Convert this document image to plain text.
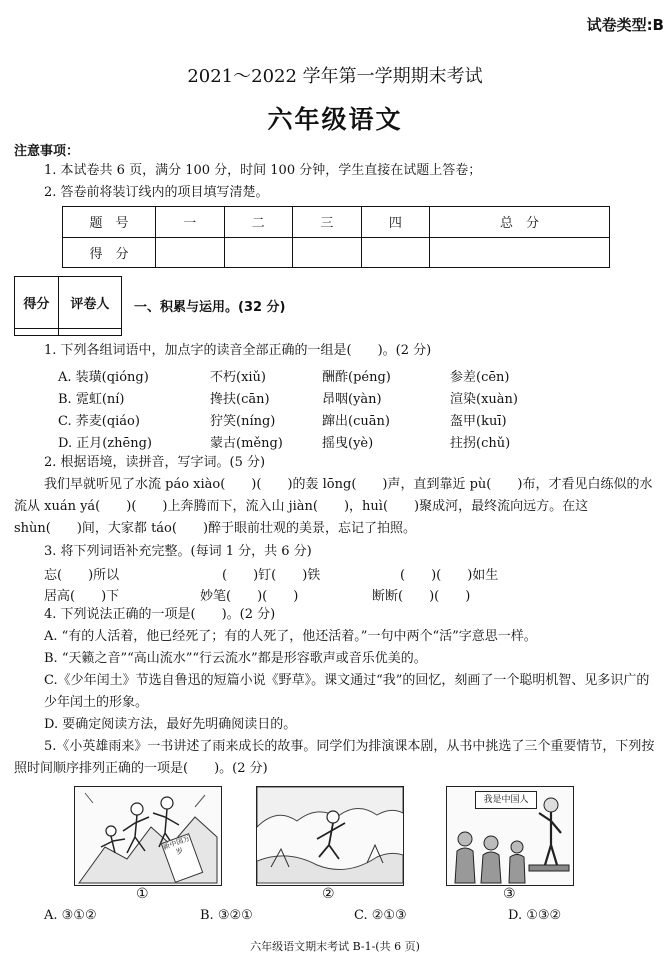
试卷类型:B
2021～2022 学年第一学期期末考试
六年级语文
注意事项：
1. 本试卷共 6 页，满分 100 分，时间 100 分钟，学生直接在试题上答卷；
2. 答卷前将装订线内的项目填写清楚。
题　号	一	二	三	四	总　分
得　分					
得分	评卷人
	一、积累与运用。(32 分)
1. 下列各组词语中，加点字的读音全部正确的一组是(　　)。(2 分)
A. 装璜(qióng)	不朽(xiǔ)	酬酢(péng)	参差(cēn)
B. 霓虹(ní)	搀扶(cān)	昂咽(yàn)	渲染(xuàn)
C. 荞麦(qiáo)	狞笑(níng)	蹿出(cuān)	盔甲(kuī)
D. 正月(zhēng)	蒙古(měng)	摇曳(yè)	拄拐(chǔ)
2. 根据语境，读拼音，写字词。(5 分)
我们早就听见了水流 páo xiào(　　)(　　)的轰 lōng(　　)声，直到靠近 pù(　　)布，才看见白练似的水流从 xuán yá(　　)(　　)上奔腾而下，流入山 jiàn(　　)，huì(　　)聚成河，最终流向远方。在这 shùn(　　)间，大家都 táo(　　)醉于眼前壮观的美景，忘记了拍照。
3. 将下列词语补充完整。(每词 1 分，共 6 分)
忘(　　)所以	(　　)钉(　　)铁	(　　)(　　)如生
居高(　　)下	妙笔(　　)(　　)	断断(　　)(　　)
4. 下列说法正确的一项是(　　)。(2 分)
A. “有的人活着，他已经死了；有的人死了，他还活着。”一句中两个“活”字意思一样。
B. “天籁之音”“高山流水”“行云流水”都是形容歌声或音乐优美的。
C.《少年闰土》节选自鲁迅的短篇小说《野草》。课文通过“我”的回忆，刻画了一个聪明机智、见多识广的少年闰土的形象。
D. 要确定阅读方法，最好先明确阅读日的。
5.《小英雄雨来》一书讲述了雨来成长的故事。同学们为排演课本剧，从书中挑选了三个重要情节，下列按照时间顺序排列正确的一项是(　　)。(2 分)
新中国万岁
我是中国人
①	②	③
A. ③①②	B. ③②①	C. ②①③	D. ①③②
六年级语文期末考试 B-1-(共 6 页)
